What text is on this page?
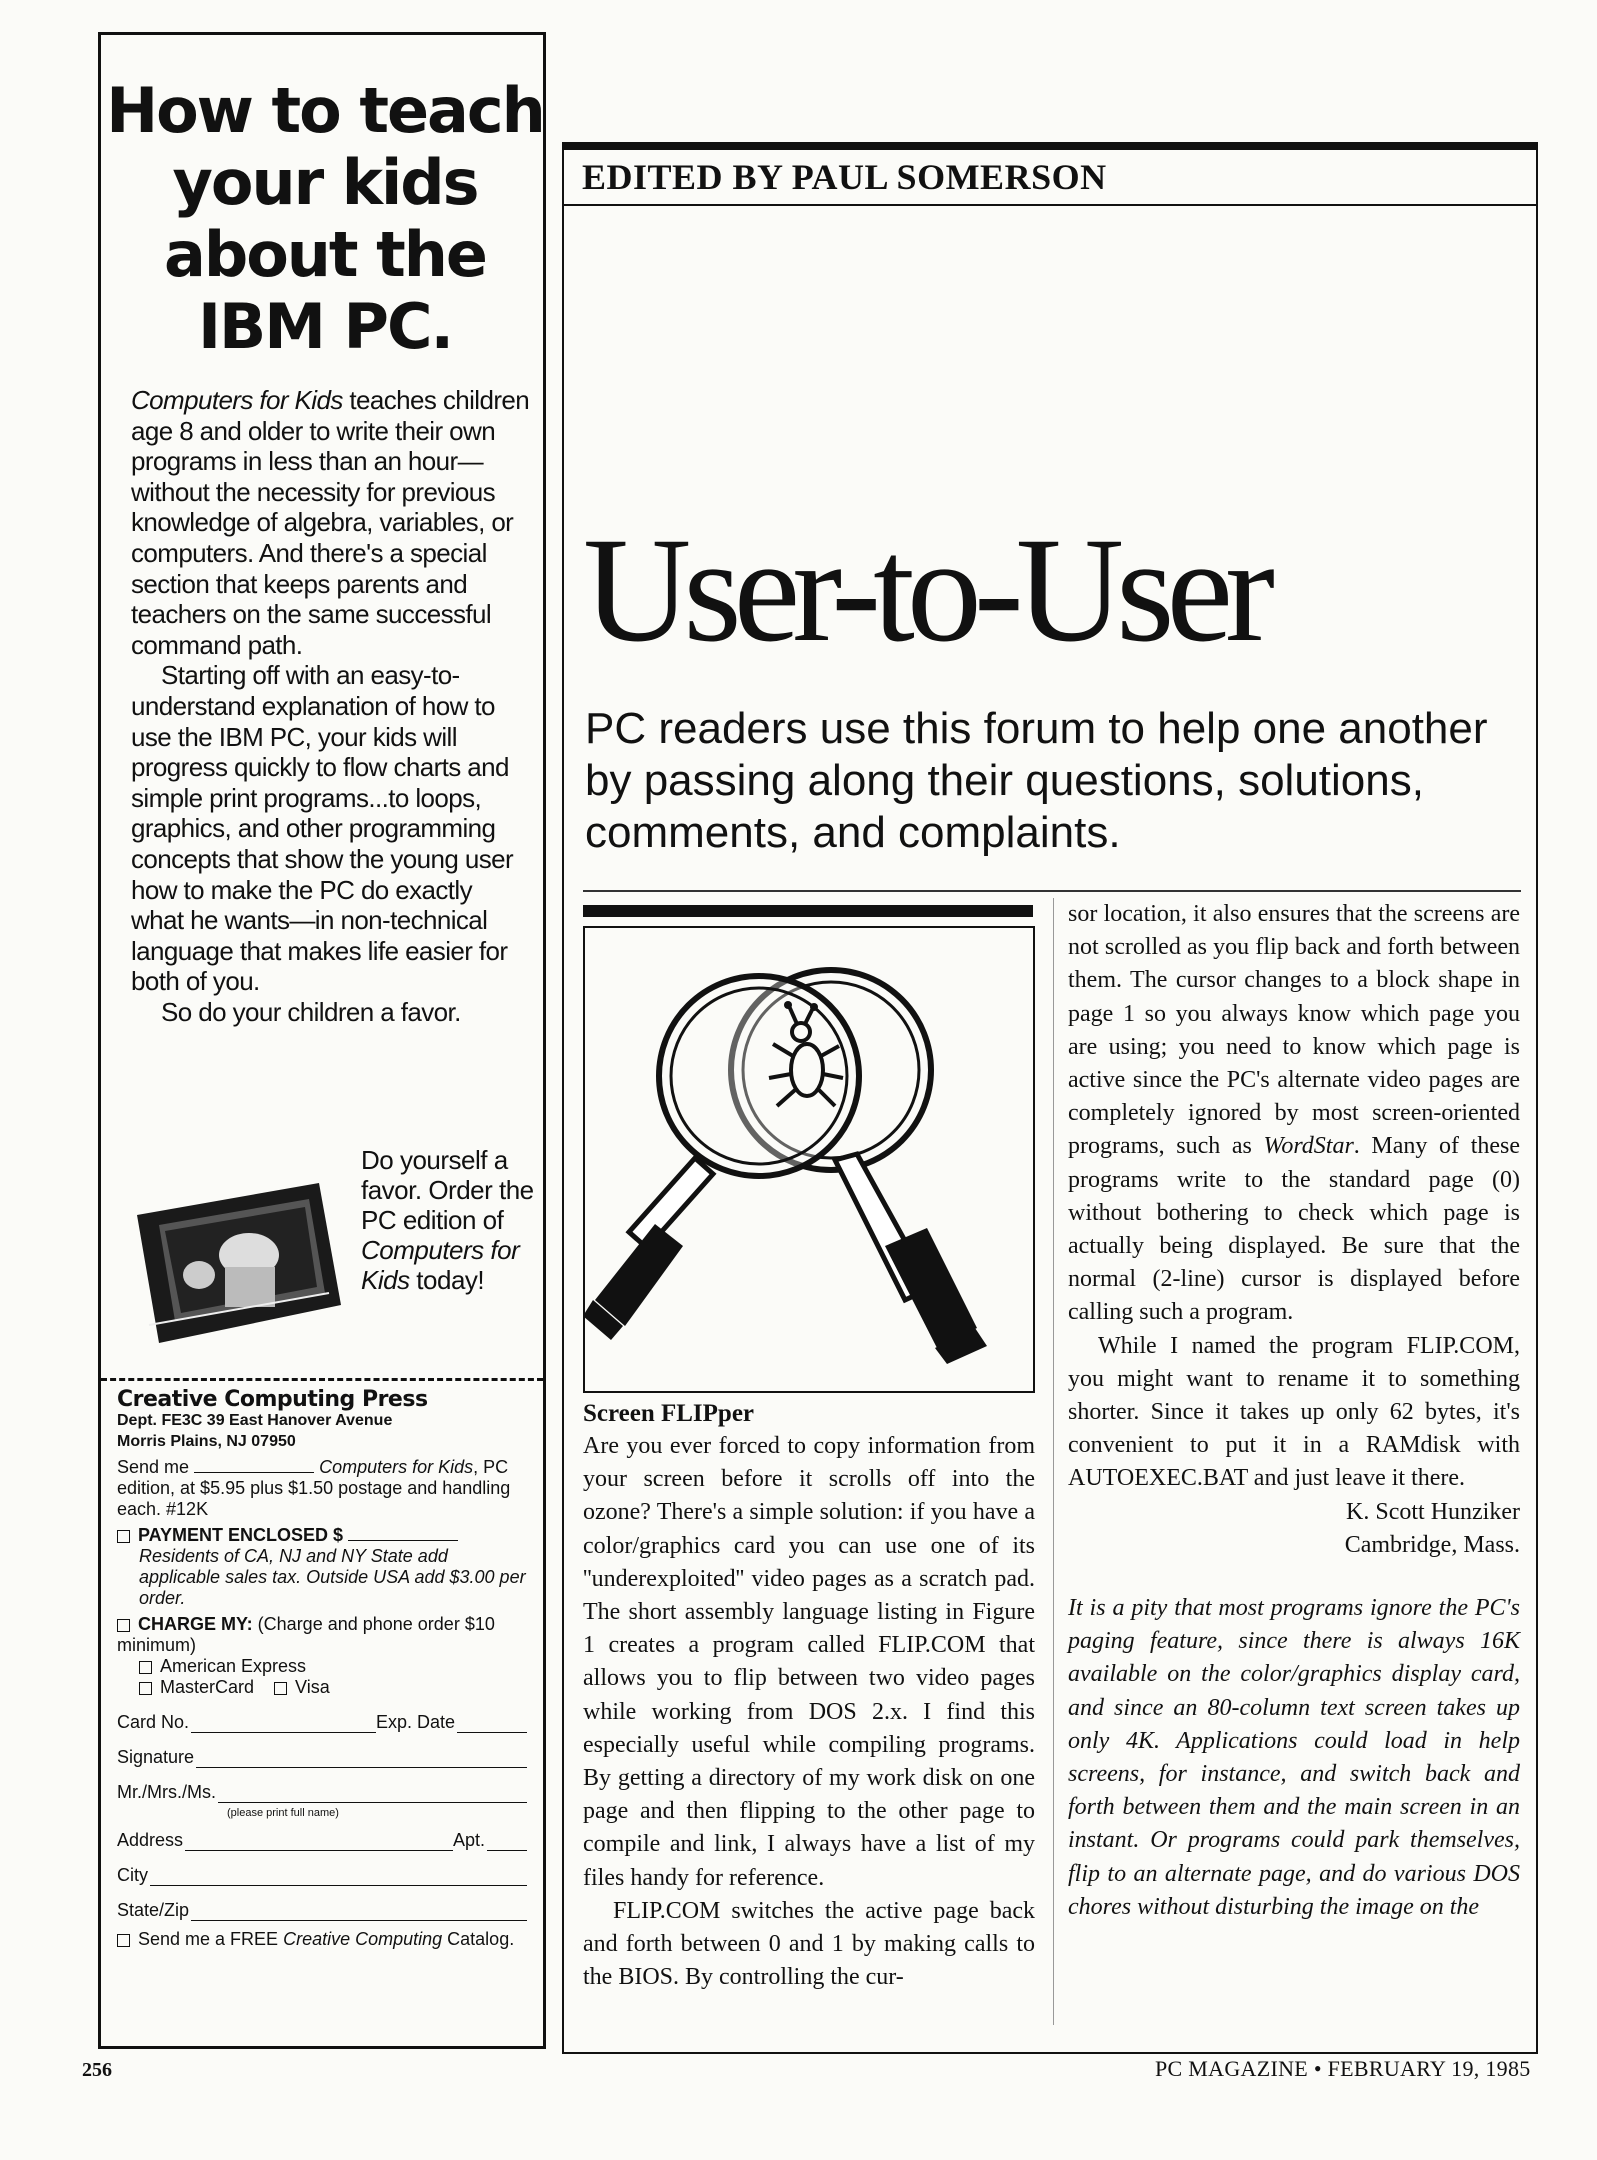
How to teach your kids about the IBM PC.

Computers for Kids teaches children age 8 and older to write their own programs in less than an hour—without the necessity for previous knowledge of algebra, variables, or computers. And there's a special section that keeps parents and teachers on the same successful command path.

Starting off with an easy-to-understand explanation of how to use the IBM PC, your kids will progress quickly to flow charts and simple print programs...to loops, graphics, and other programming concepts that show the young user how to make the PC do exactly what he wants—in non-technical language that makes life easier for both of you.

So do your children a favor.

Do yourself a favor. Order the PC edition of Computers for Kids today!
Creative Computing Press
Dept. FE3C 39 East Hanover Avenue
Morris Plains, NJ 07950
Send me	Computers for Kids, PC edition, at $5.95 plus $1.50 postage and handling each. #12K
PAYMENT ENCLOSED $
Residents of CA, NJ and NY State add applicable sales tax. Outside USA add $3.00 per order.
CHARGE MY: (Charge and phone order $10 minimum)
American Express
MasterCard Visa
Card No.	Exp. Date
Signature
Mr./Mrs./Ms.
(please print full name)
Address	Apt.
City
State/Zip
Send me a FREE Creative Computing Catalog.
EDITED BY PAUL SOMERSON
User-to-User
PC readers use this forum to help one another by passing along their questions, solutions, comments, and complaints.
Screen FLIPper

Are you ever forced to copy information from your screen before it scrolls off into the ozone? There's a simple solution: if you have a color/graphics card you can use one of its ''underexploited'' video pages as a scratch pad. The short assembly language listing in Figure 1 creates a program called FLIP.COM that allows you to flip between two video pages while working from DOS 2.x. I find this especially useful while compiling programs. By getting a directory of my work disk on one page and then flipping to the other page to compile and link, I always have a list of my files handy for reference.

FLIP.COM switches the active page back and forth between 0 and 1 by making calls to the BIOS. By controlling the cur-

sor location, it also ensures that the screens are not scrolled as you flip back and forth between them. The cursor changes to a block shape in page 1 so you always know which page you are using; you need to know which page is active since the PC's alternate video pages are completely ignored by most screen-oriented programs, such as WordStar. Many of these programs write to the standard page (0) without bothering to check which page is actually being displayed. Be sure that the normal (2-line) cursor is displayed before calling such a program.

While I named the program FLIP.COM, you might want to rename it to something shorter. Since it takes up only 62 bytes, it's convenient to put it in a RAMdisk with AUTOEXEC.BAT and just leave it there.

K. Scott Hunziker
Cambridge, Mass.

It is a pity that most programs ignore the PC's paging feature, since there is always 16K available on the color/graphics display card, and since an 80-column text screen takes up only 4K. Applications could load in help screens, for instance, and switch back and forth between them and the main screen in an instant. Or programs could park themselves, flip to an alternate page, and do various DOS chores without disturbing the image on the

256	PC MAGAZINE • FEBRUARY 19, 1985
